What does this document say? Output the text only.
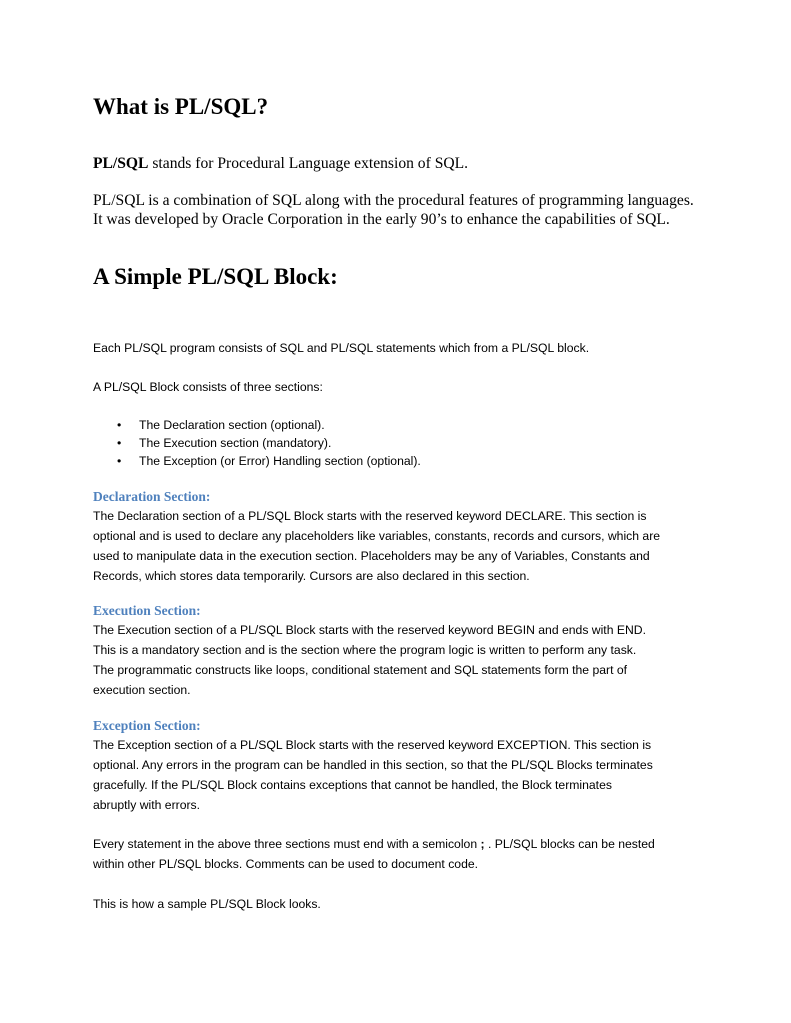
What is PL/SQL?

PL/SQL stands for Procedural Language extension of SQL.

PL/SQL is a combination of SQL along with the procedural features of programming languages.
It was developed by Oracle Corporation in the early 90’s to enhance the capabilities of SQL.

A Simple PL/SQL Block:

Each PL/SQL program consists of SQL and PL/SQL statements which from a PL/SQL block.

A PL/SQL Block consists of three sections:

• The Declaration section (optional).
• The Execution section (mandatory).
• The Exception (or Error) Handling section (optional).
Declaration Section:

The Declaration section of a PL/SQL Block starts with the reserved keyword DECLARE. This section is
optional and is used to declare any placeholders like variables, constants, records and cursors, which are
used to manipulate data in the execution section. Placeholders may be any of Variables, Constants and
Records, which stores data temporarily. Cursors are also declared in this section.

Execution Section:

The Execution section of a PL/SQL Block starts with the reserved keyword BEGIN and ends with END.
This is a mandatory section and is the section where the program logic is written to perform any task.
The programmatic constructs like loops, conditional statement and SQL statements form the part of
execution section.

Exception Section:

The Exception section of a PL/SQL Block starts with the reserved keyword EXCEPTION. This section is
optional. Any errors in the program can be handled in this section, so that the PL/SQL Blocks terminates
gracefully. If the PL/SQL Block contains exceptions that cannot be handled, the Block terminates
abruptly with errors.

Every statement in the above three sections must end with a semicolon ; . PL/SQL blocks can be nested
within other PL/SQL blocks. Comments can be used to document code.

This is how a sample PL/SQL Block looks.
